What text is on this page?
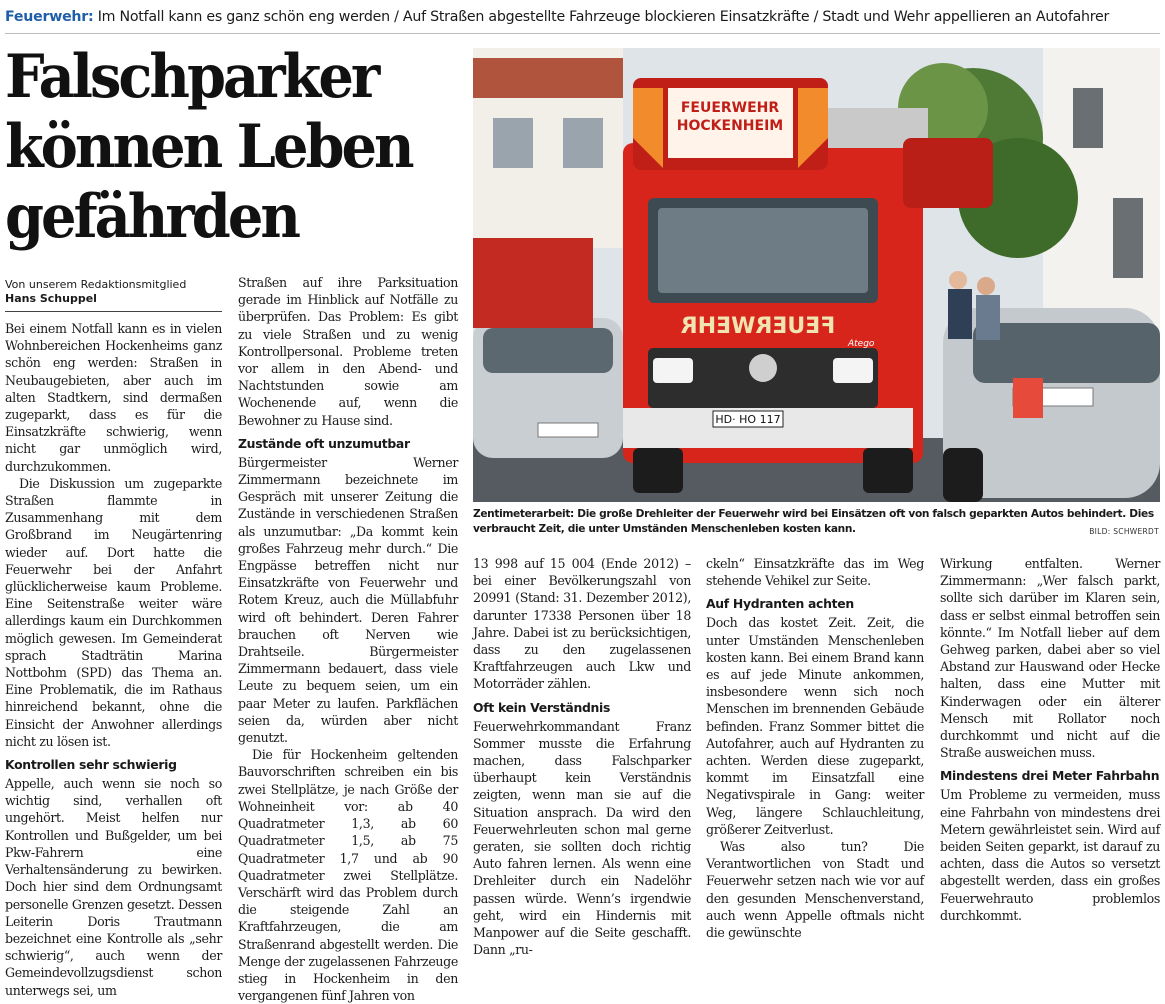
Feuerwehr: Im Notfall kann es ganz schön eng werden / Auf Straßen abgestellte Fahrzeuge blockieren Einsatzkräfte / Stadt und Wehr appellieren an Autofahrer
Falschparker
können Leben
gefährden
Von unserem Redaktionsmitglied
Hans Schuppel

Bei einem Notfall kann es in vielen Wohnbereichen Hockenheims ganz schön eng werden: Straßen in Neubaugebieten, aber auch im alten Stadtkern, sind dermaßen zugeparkt, dass es für die Einsatzkräfte schwierig, wenn nicht gar unmöglich wird, durchzukommen.

Die Diskussion um zugeparkte Straßen flammte in Zusammenhang mit dem Großbrand im Neugärtenring wieder auf. Dort hatte die Feuerwehr bei der Anfahrt glücklicherweise kaum Probleme. Eine Seitenstraße weiter wäre allerdings kaum ein Durchkommen möglich gewesen. Im Gemeinderat sprach Stadträtin Marina Nottbohm (SPD) das Thema an. Eine Problematik, die im Rathaus hinreichend bekannt, ohne die Einsicht der Anwohner allerdings nicht zu lösen ist.

Kontrollen sehr schwierig

Appelle, auch wenn sie noch so wichtig sind, verhallen oft ungehört. Meist helfen nur Kontrollen und Bußgelder, um bei Pkw-Fahrern eine Verhaltensänderung zu bewirken. Doch hier sind dem Ordnungsamt personelle Grenzen gesetzt. Dessen Leiterin Doris Trautmann bezeichnet eine Kontrolle als „sehr schwierig“, auch wenn der Gemeindevollzugsdienst schon unterwegs sei, um

Straßen auf ihre Parksituation gerade im Hinblick auf Notfälle zu überprüfen. Das Problem: Es gibt zu viele Straßen und zu wenig Kontrollpersonal. Probleme treten vor allem in den Abend- und Nachtstunden sowie am Wochenende auf, wenn die Bewohner zu Hause sind.

Zustände oft unzumutbar

Bürgermeister Werner Zimmermann bezeichnete im Gespräch mit unserer Zeitung die Zustände in verschiedenen Straßen als unzumutbar: „Da kommt kein großes Fahrzeug mehr durch.“ Die Engpässe betreffen nicht nur Einsatzkräfte von Feuerwehr und Rotem Kreuz, auch die Müllabfuhr wird oft behindert. Deren Fahrer brauchen oft Nerven wie Drahtseile. Bürgermeister Zimmermann bedauert, dass viele Leute zu bequem seien, um ein paar Meter zu laufen. Parkflächen seien da, würden aber nicht genutzt.

Die für Hockenheim geltenden Bauvorschriften schreiben ein bis zwei Stellplätze, je nach Größe der Wohneinheit vor: ab 40 Quadratmeter 1,3, ab 60 Quadratmeter 1,5, ab 75 Quadratmeter 1,7 und ab 90 Quadratmeter zwei Stellplätze. Verschärft wird das Problem durch die steigende Zahl an Kraftfahrzeugen, die am Straßenrand abgestellt werden. Die Menge der zugelassenen Fahrzeuge stieg in Hockenheim in den vergangenen fünf Jahren von

13 998 auf 15 004 (Ende 2012) – bei einer Bevölkerungszahl von 20991 (Stand: 31. Dezember 2012), darunter 17338 Personen über 18 Jahre. Dabei ist zu berücksichtigen, dass zu den zugelassenen Kraftfahrzeugen auch Lkw und Motorräder zählen.

Oft kein Verständnis

Feuerwehrkommandant Franz Sommer musste die Erfahrung machen, dass Falschparker überhaupt kein Verständnis zeigten, wenn man sie auf die Situation ansprach. Da wird den Feuerwehrleuten schon mal gerne geraten, sie sollten doch richtig Auto fahren lernen. Als wenn eine Drehleiter durch ein Nadelöhr passen würde. Wenn’s irgendwie geht, wird ein Hindernis mit Manpower auf die Seite geschafft. Dann „ru-

ckeln“ Einsatzkräfte das im Weg stehende Vehikel zur Seite.

Auf Hydranten achten

Doch das kostet Zeit. Zeit, die unter Umständen Menschenleben kosten kann. Bei einem Brand kann es auf jede Minute ankommen, insbesondere wenn sich noch Menschen im brennenden Gebäude befinden. Franz Sommer bittet die Autofahrer, auch auf Hydranten zu achten. Werden diese zugeparkt, kommt im Einsatzfall eine Negativspirale in Gang: weiter Weg, längere Schlauchleitung, größerer Zeitverlust.

Was also tun? Die Verantwortlichen von Stadt und Feuerwehr setzen nach wie vor auf den gesunden Menschenverstand, auch wenn Appelle oftmals nicht die gewünschte

Wirkung entfalten. Werner Zimmermann: „Wer falsch parkt, sollte sich darüber im Klaren sein, dass er selbst einmal betroffen sein könnte.“ Im Notfall lieber auf dem Gehweg parken, dabei aber so viel Abstand zur Hauswand oder Hecke halten, dass eine Mutter mit Kinderwagen oder ein älterer Mensch mit Rollator noch durchkommt und nicht auf die Straße ausweichen muss.

Mindestens drei Meter Fahrbahn

Um Probleme zu vermeiden, muss eine Fahrbahn von mindestens drei Metern gewährleistet sein. Wird auf beiden Seiten geparkt, ist darauf zu achten, dass die Autos so versetzt abgestellt werden, dass ein großes Feuerwehrauto problemlos durchkommt.

FEUERWEHR
HOCKENHEIM
FEUERWEHR
Atego
HD· HO 117
Zentimeterarbeit: Die große Drehleiter der Feuerwehr wird bei Einsätzen oft von falsch geparkten Autos behindert. Dies verbraucht Zeit, die unter Umständen Menschenleben kosten kann.	BILD: SCHWERDT
